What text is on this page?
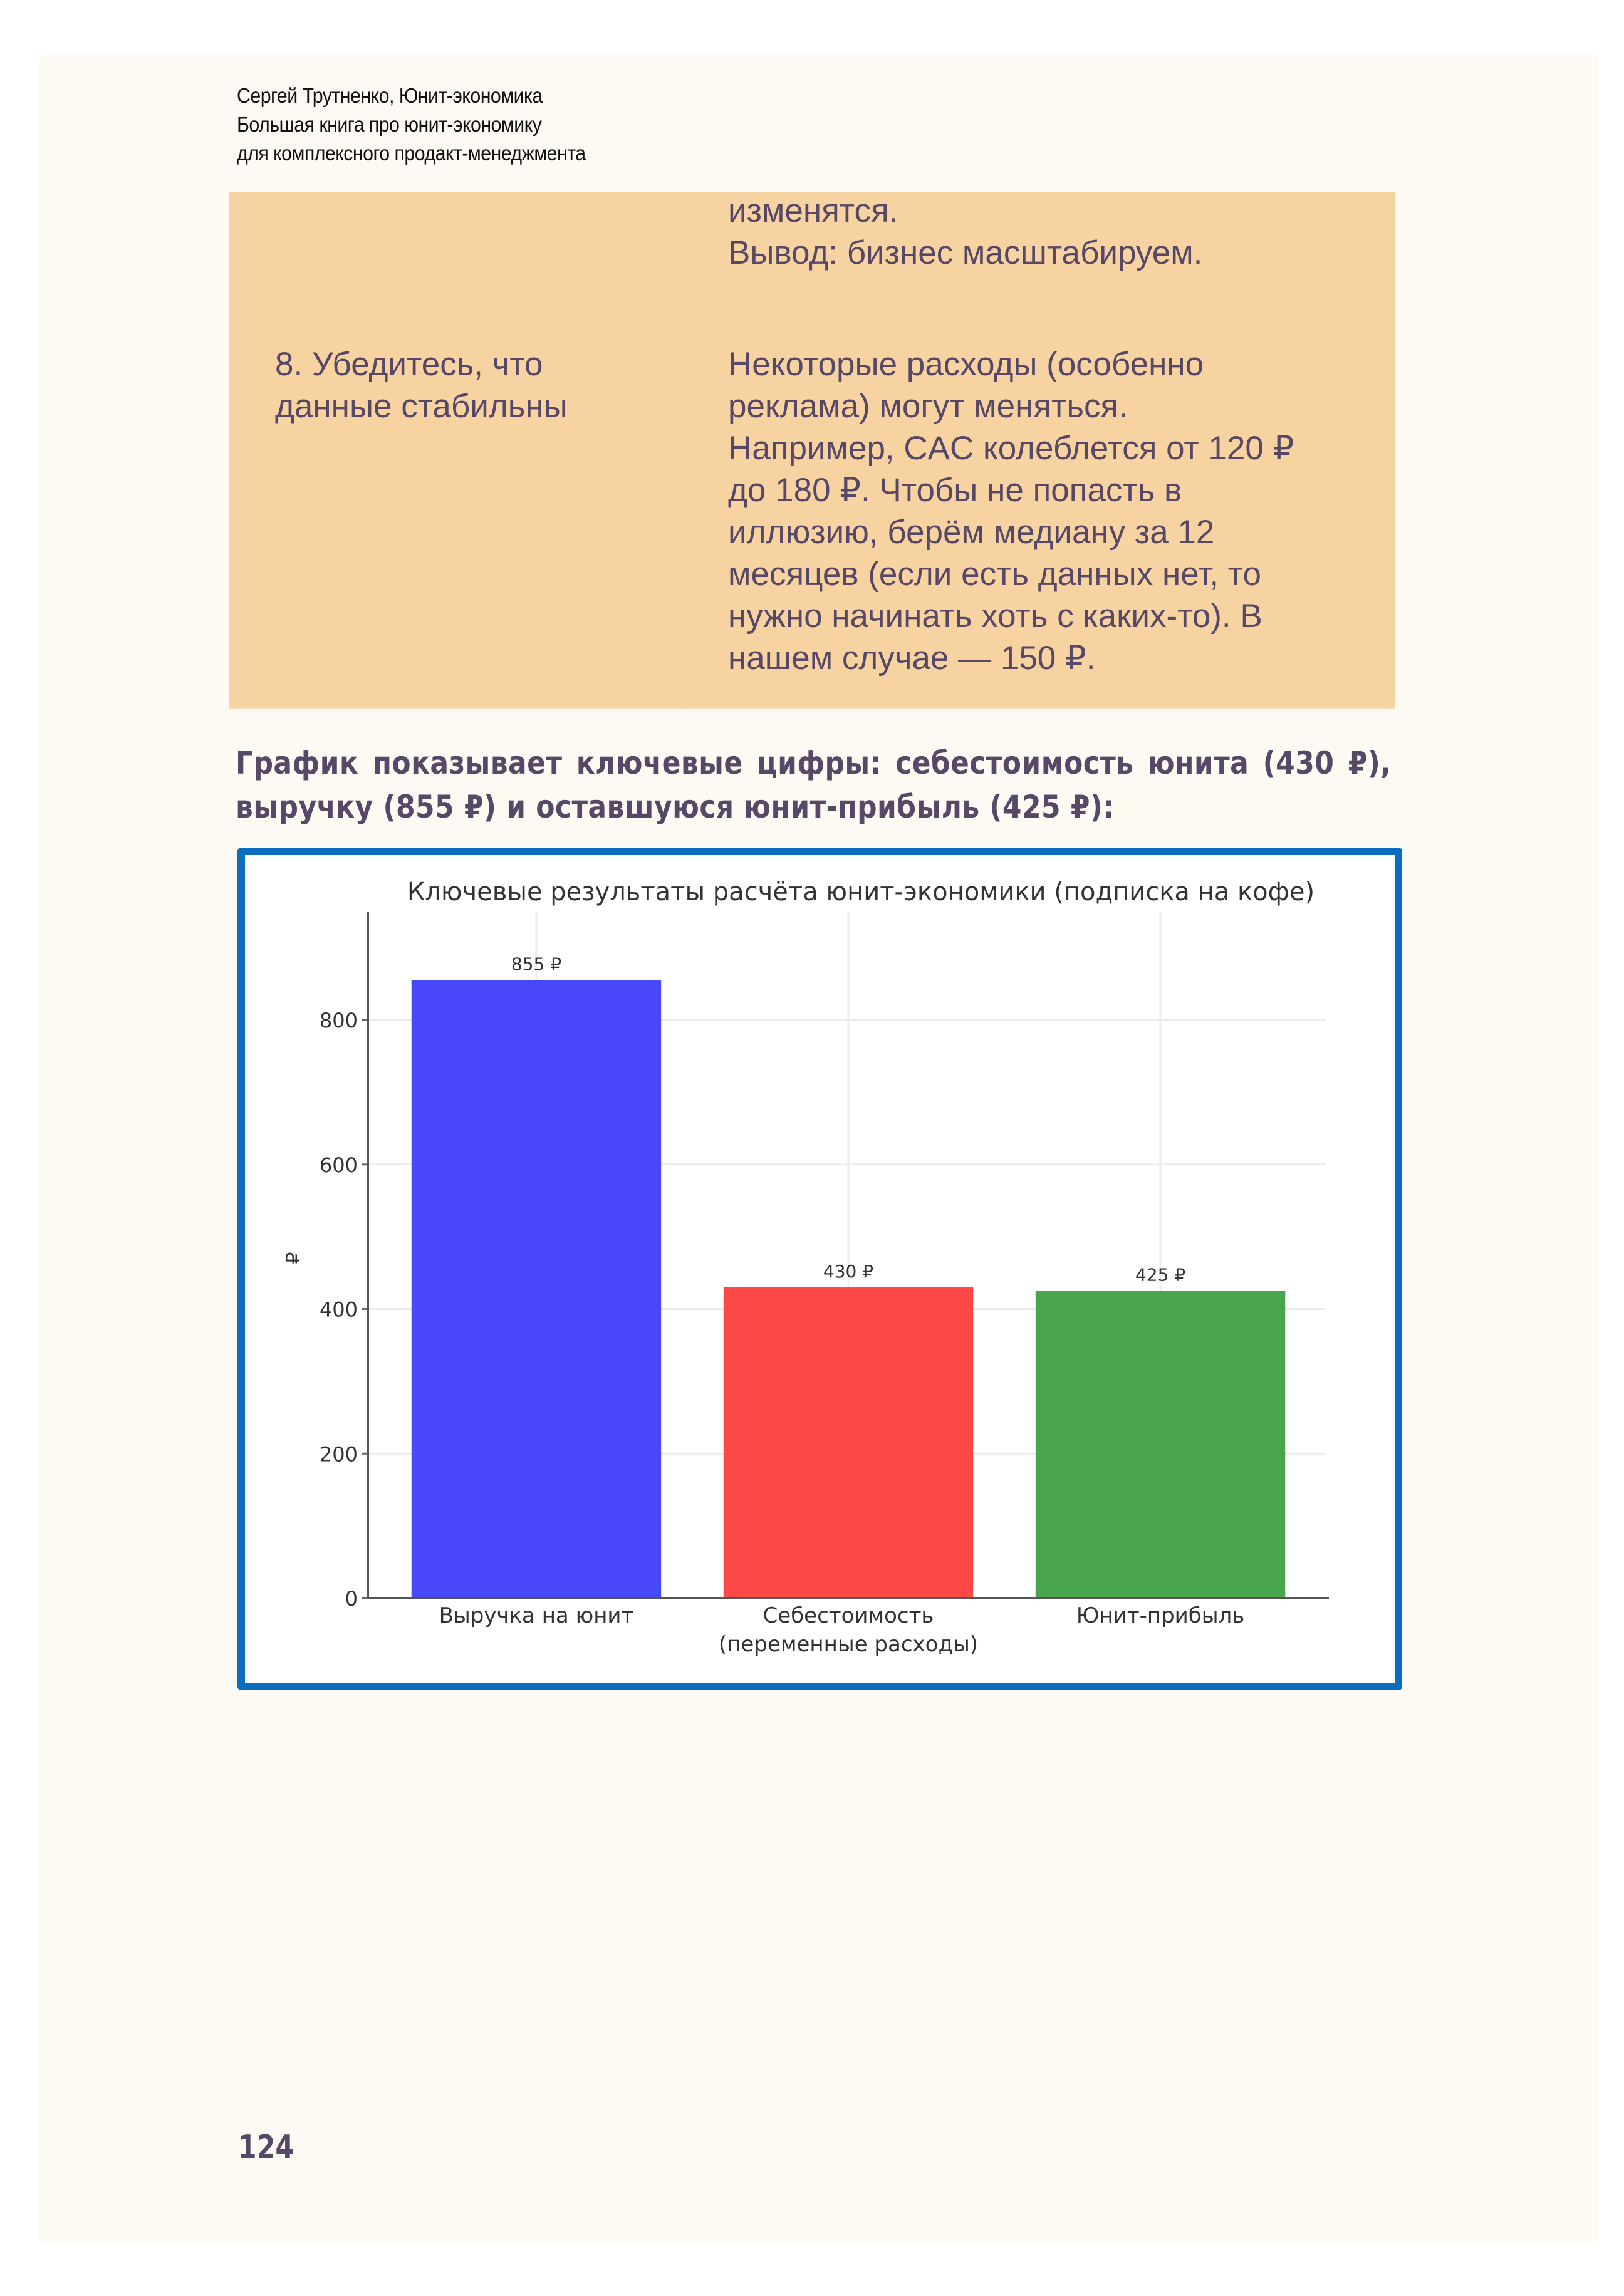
Сергей Трутненко, Юнит-экономика
Большая книга про юнит-экономику
для комплексного продакт-менеджмента
изменятся.
Вывод: бизнес масштабируем.
8. Убедитесь, что
данные стабильны
Некоторые расходы (особенно
реклама) могут меняться.
Например, CAC колеблется от 120 ₽
до 180 ₽. Чтобы не попасть в
иллюзию, берём медиану за 12
месяцев (если есть данных нет, то
нужно начинать хоть с каких-то). В
нашем случае — 150 ₽.
График показывает ключевые цифры: себестоимость юнита (430 ₽), выручку (855 ₽) и оставшуюся юнит-прибыль (425 ₽):
0
200
400
600
800
855 ₽
Выручка на юнит
430 ₽
Себестоимость
(переменные расходы)
425 ₽
Юнит-прибыль
Ключевые результаты расчёта юнит-экономики (подписка на кофе)
₽
124
